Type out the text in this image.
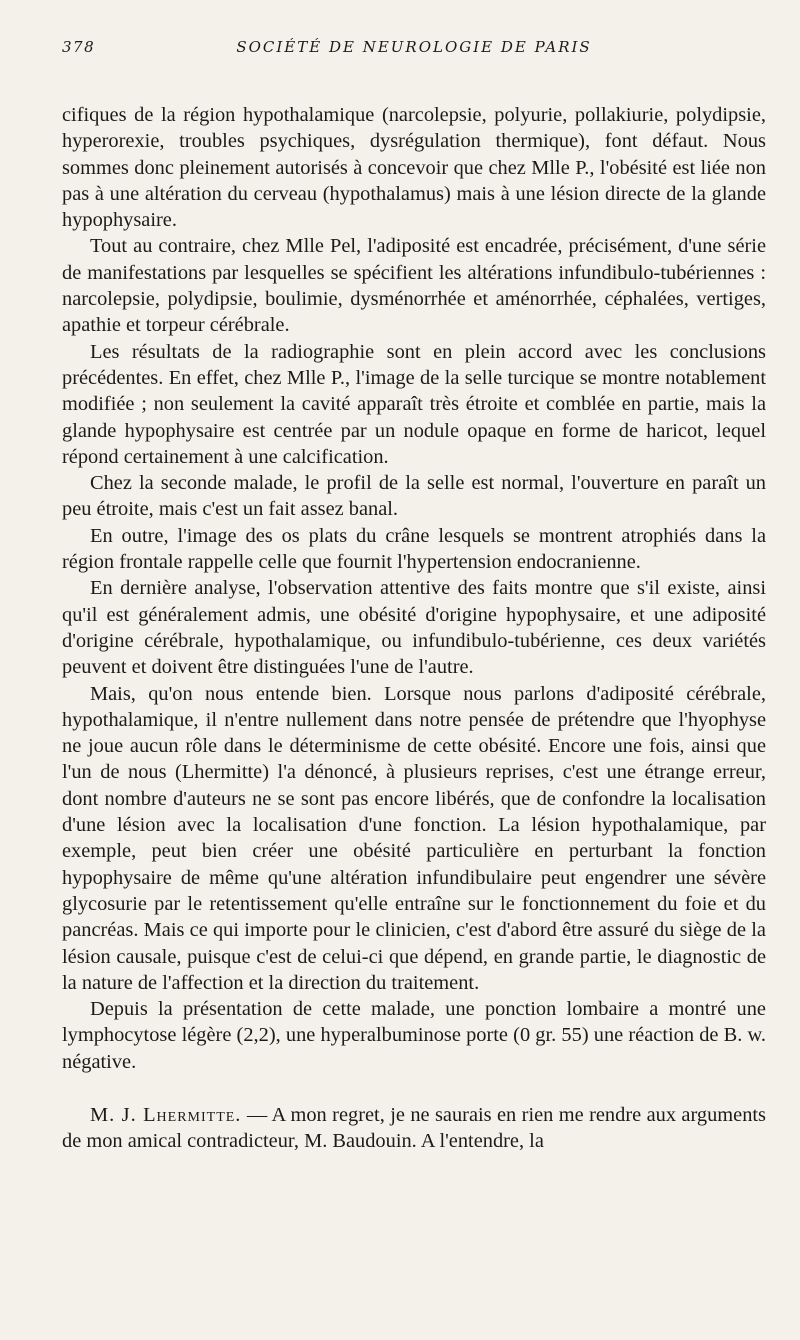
378	SOCIÉTÉ DE NEUROLOGIE DE PARIS

cifiques de la région hypothalamique (narcolepsie, polyurie, pollakiurie, polydipsie, hyperorexie, troubles psychiques, dysrégulation thermique), font défaut. Nous sommes donc pleinement autorisés à concevoir que chez Mlle P., l'obésité est liée non pas à une altération du cerveau (hypothalamus) mais à une lésion directe de la glande hypophysaire.

Tout au contraire, chez Mlle Pel, l'adiposité est encadrée, précisément, d'une série de manifestations par lesquelles se spécifient les altérations infundibulo-tubériennes : narcolepsie, polydipsie, boulimie, dysménorrhée et aménorrhée, céphalées, vertiges, apathie et torpeur cérébrale.

Les résultats de la radiographie sont en plein accord avec les conclusions précédentes. En effet, chez Mlle P., l'image de la selle turcique se montre notablement modifiée ; non seulement la cavité apparaît très étroite et comblée en partie, mais la glande hypophysaire est centrée par un nodule opaque en forme de haricot, lequel répond certainement à une calcification.

Chez la seconde malade, le profil de la selle est normal, l'ouverture en paraît un peu étroite, mais c'est un fait assez banal.

En outre, l'image des os plats du crâne lesquels se montrent atrophiés dans la région frontale rappelle celle que fournit l'hypertension endocranienne.

En dernière analyse, l'observation attentive des faits montre que s'il existe, ainsi qu'il est généralement admis, une obésité d'origine hypophysaire, et une adiposité d'origine cérébrale, hypothalamique, ou infundibulo-tubérienne, ces deux variétés peuvent et doivent être distinguées l'une de l'autre.

Mais, qu'on nous entende bien. Lorsque nous parlons d'adiposité cérébrale, hypothalamique, il n'entre nullement dans notre pensée de prétendre que l'hyophyse ne joue aucun rôle dans le déterminisme de cette obésité. Encore une fois, ainsi que l'un de nous (Lhermitte) l'a dénoncé, à plusieurs reprises, c'est une étrange erreur, dont nombre d'auteurs ne se sont pas encore libérés, que de confondre la localisation d'une lésion avec la localisation d'une fonction. La lésion hypothalamique, par exemple, peut bien créer une obésité particulière en perturbant la fonction hypophysaire de même qu'une altération infundibulaire peut engendrer une sévère glycosurie par le retentissement qu'elle entraîne sur le fonctionnement du foie et du pancréas. Mais ce qui importe pour le clinicien, c'est d'abord être assuré du siège de la lésion causale, puisque c'est de celui-ci que dépend, en grande partie, le diagnostic de la nature de l'affection et la direction du traitement.

Depuis la présentation de cette malade, une ponction lombaire a montré une lymphocytose légère (2,2), une hyperalbuminose porte (0 gr. 55) une réaction de B. w. négative.

M. J. Lhermitte. — A mon regret, je ne saurais en rien me rendre aux arguments de mon amical contradicteur, M. Baudouin. A l'entendre, la
